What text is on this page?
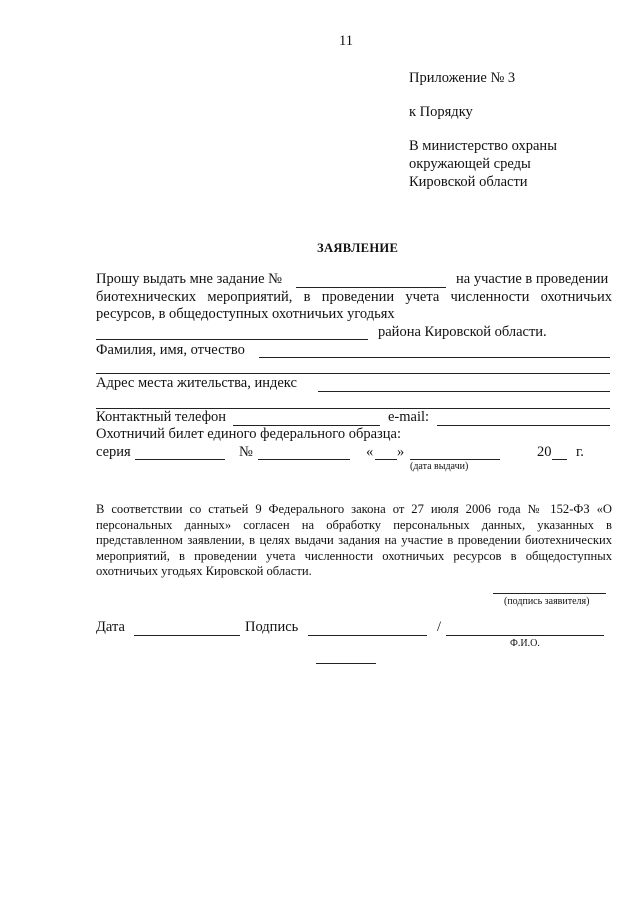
11
Приложение № 3
к Порядку
В министерство охраны
окружающей среды
Кировской области
ЗАЯВЛЕНИЕ
Прошу выдать мне задание №	на участие в проведении
биотехнических мероприятий, в проведении учета численности охотничьих
ресурсов, в общедоступных охотничьих угодьях
района Кировской области.
Фамилия, имя, отчество
Адрес места жительства, индекс
Контактный телефон	e-mail:
Охотничий билет единого федерального образца:
серия	№	« »	20 г.
(дата выдачи)
В соответствии со статьей 9 Федерального закона от 27 июля 2006 года № 152-ФЗ «О
персональных данных» согласен на обработку персональных данных, указанных в
представленном заявлении, в целях выдачи задания на участие в проведении биотехнических
мероприятий, в проведении учета численности охотничьих ресурсов в общедоступных
охотничьих угодьях Кировской области.
(подпись заявителя)
Дата	Подпись	/
Ф.И.О.
